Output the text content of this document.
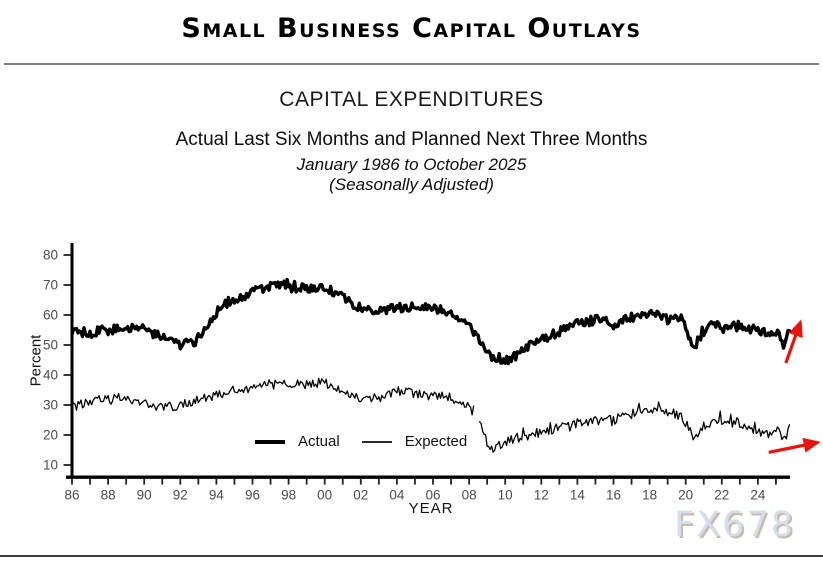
Small Business Capital Outlays
CAPITAL EXPENDITURES
Actual Last Six Months and Planned Next Three Months
January 1986 to October 2025
(Seasonally Adjusted)
10
20
30
40
50
60
70
80
86 88 90 92 94 96 98 00 02 04 06 08 10 12 14 16 18 20 22 24
Percent
YEAR
Actual	Expected
FX678
